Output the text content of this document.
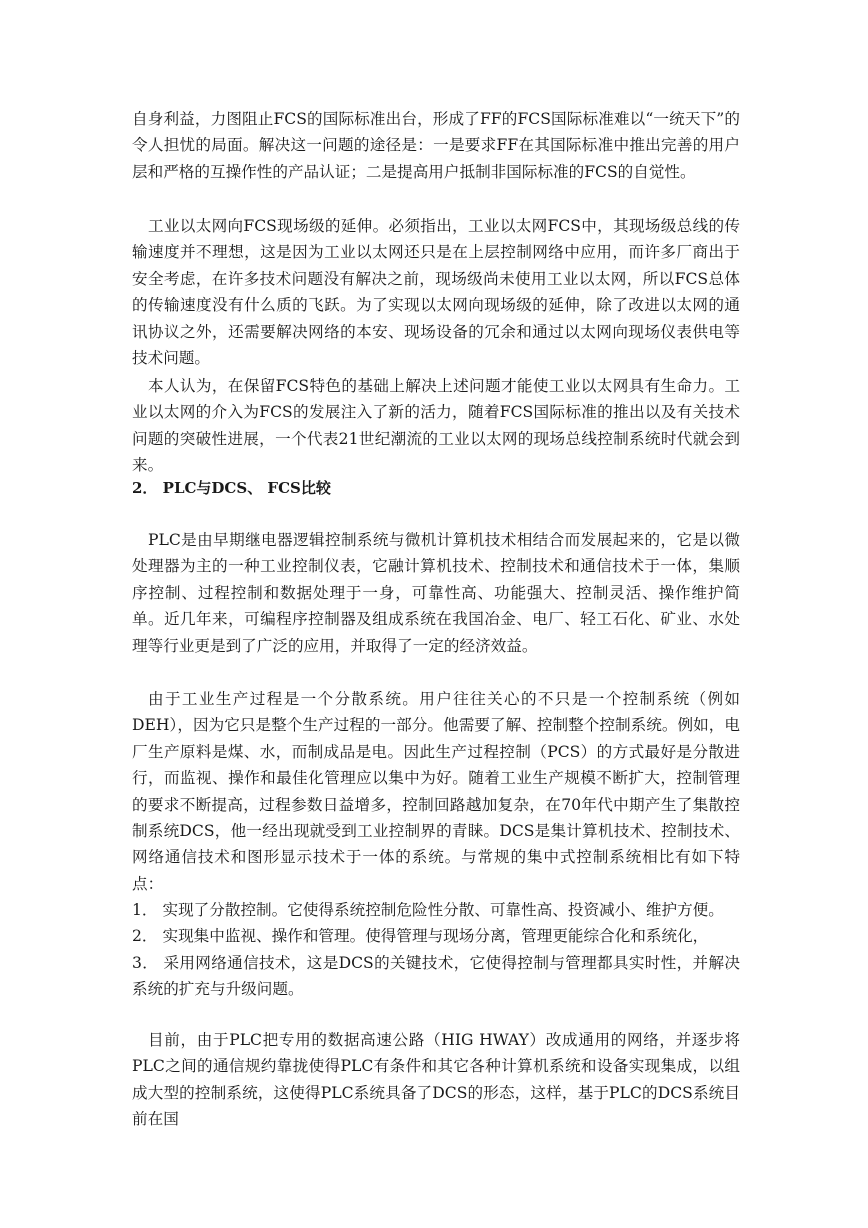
自身利益，力图阻止FCS的国际标准出台，形成了FF的FCS国际标准难以“一统天下”的令人担忧的局面。解决这一问题的途径是：一是要求FF在其国际标准中推出完善的用户层和严格的互操作性的产品认证；二是提高用户抵制非国际标准的FCS的自觉性。

工业以太网向FCS现场级的延伸。必须指出，工业以太网FCS中，其现场级总线的传输速度并不理想，这是因为工业以太网还只是在上层控制网络中应用，而许多厂商出于安全考虑，在许多技术问题没有解决之前，现场级尚未使用工业以太网，所以FCS总体的传输速度没有什么质的飞跃。为了实现以太网向现场级的延伸，除了改进以太网的通讯协议之外，还需要解决网络的本安、现场设备的冗余和通过以太网向现场仪表供电等技术问题。

本人认为，在保留FCS特色的基础上解决上述问题才能使工业以太网具有生命力。工业以太网的介入为FCS的发展注入了新的活力，随着FCS国际标准的推出以及有关技术问题的突破性进展，一个代表21世纪潮流的工业以太网的现场总线控制系统时代就会到来。

2． PLC与DCS、 FCS比较

PLC是由早期继电器逻辑控制系统与微机计算机技术相结合而发展起来的，它是以微处理器为主的一种工业控制仪表，它融计算机技术、控制技术和通信技术于一体，集顺序控制、过程控制和数据处理于一身，可靠性高、功能强大、控制灵活、操作维护简单。近几年来，可编程序控制器及组成系统在我国冶金、电厂、轻工石化、矿业、水处理等行业更是到了广泛的应用，并取得了一定的经济效益。

由于工业生产过程是一个分散系统。用户往往关心的不只是一个控制系统（例如DEH），因为它只是整个生产过程的一部分。他需要了解、控制整个控制系统。例如，电厂生产原料是煤、水，而制成品是电。因此生产过程控制（PCS）的方式最好是分散进行，而监视、操作和最佳化管理应以集中为好。随着工业生产规模不断扩大，控制管理的要求不断提高，过程参数日益增多，控制回路越加复杂，在70年代中期产生了集散控制系统DCS，他一经出现就受到工业控制界的青睐。DCS是集计算机技术、控制技术、网络通信技术和图形显示技术于一体的系统。与常规的集中式控制系统相比有如下特点：

1． 实现了分散控制。它使得系统控制危险性分散、可靠性高、投资减小、维护方便。
2． 实现集中监视、操作和管理。使得管理与现场分离，管理更能综合化和系统化，
3． 采用网络通信技术，这是DCS的关键技术，它使得控制与管理都具实时性，并解决系统的扩充与升级问题。

目前，由于PLC把专用的数据高速公路（HIG HWAY）改成通用的网络，并逐步将PLC之间的通信规约靠拢使得PLC有条件和其它各种计算机系统和设备实现集成，以组成大型的控制系统，这使得PLC系统具备了DCS的形态，这样，基于PLC的DCS系统目前在国
